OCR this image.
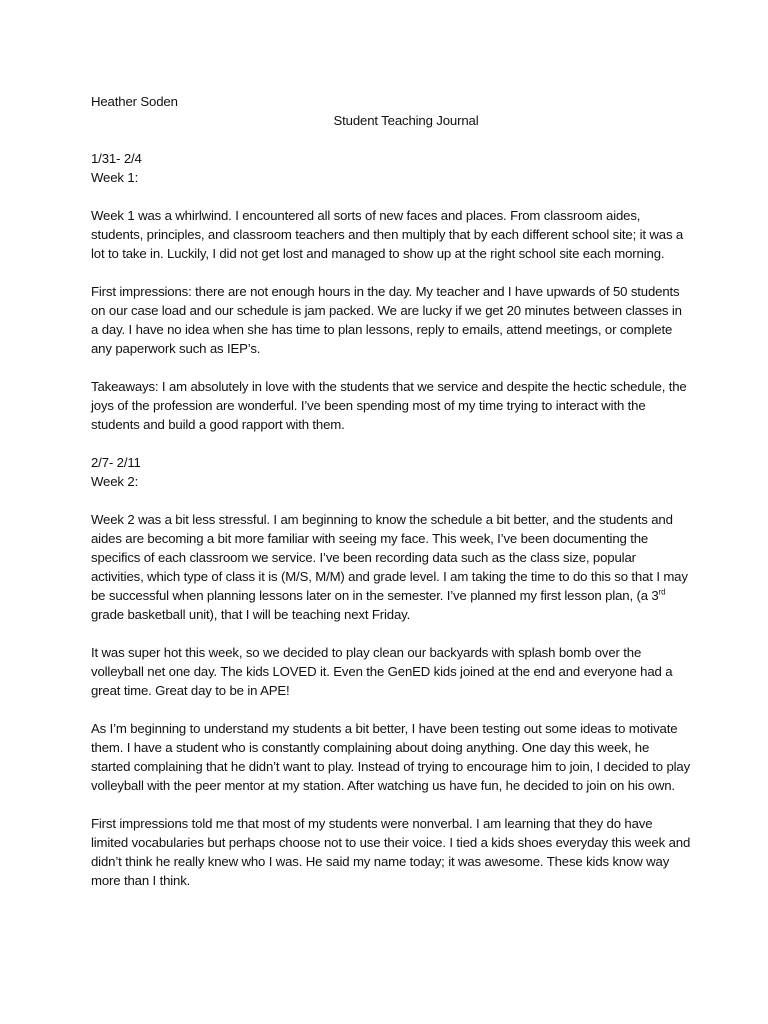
Heather Soden
Student Teaching Journal
1/31- 2/4
Week 1:
Week 1 was a whirlwind. I encountered all sorts of new faces and places. From classroom aides, students, principles, and classroom teachers and then multiply that by each different school site; it was a lot to take in. Luckily, I did not get lost and managed to show up at the right school site each morning.
First impressions: there are not enough hours in the day. My teacher and I have upwards of 50 students on our case load and our schedule is jam packed. We are lucky if we get 20 minutes between classes in a day. I have no idea when she has time to plan lessons, reply to emails, attend meetings, or complete any paperwork such as IEP’s.
Takeaways: I am absolutely in love with the students that we service and despite the hectic schedule, the joys of the profession are wonderful. I’ve been spending most of my time trying to interact with the students and build a good rapport with them.
2/7- 2/11
Week 2:
Week 2 was a bit less stressful. I am beginning to know the schedule a bit better, and the students and aides are becoming a bit more familiar with seeing my face. This week, I’ve been documenting the specifics of each classroom we service. I’ve been recording data such as the class size, popular activities, which type of class it is (M/S, M/M) and grade level. I am taking the time to do this so that I may be successful when planning lessons later on in the semester. I’ve planned my first lesson plan, (a 3rd grade basketball unit), that I will be teaching next Friday.
It was super hot this week, so we decided to play clean our backyards with splash bomb over the volleyball net one day. The kids LOVED it. Even the GenED kids joined at the end and everyone had a great time. Great day to be in APE!
As I’m beginning to understand my students a bit better, I have been testing out some ideas to motivate them. I have a student who is constantly complaining about doing anything. One day this week, he started complaining that he didn’t want to play. Instead of trying to encourage him to join, I decided to play volleyball with the peer mentor at my station. After watching us have fun, he decided to join on his own.
First impressions told me that most of my students were nonverbal. I am learning that they do have limited vocabularies but perhaps choose not to use their voice. I tied a kids shoes everyday this week and didn’t think he really knew who I was. He said my name today; it was awesome. These kids know way more than I think.
